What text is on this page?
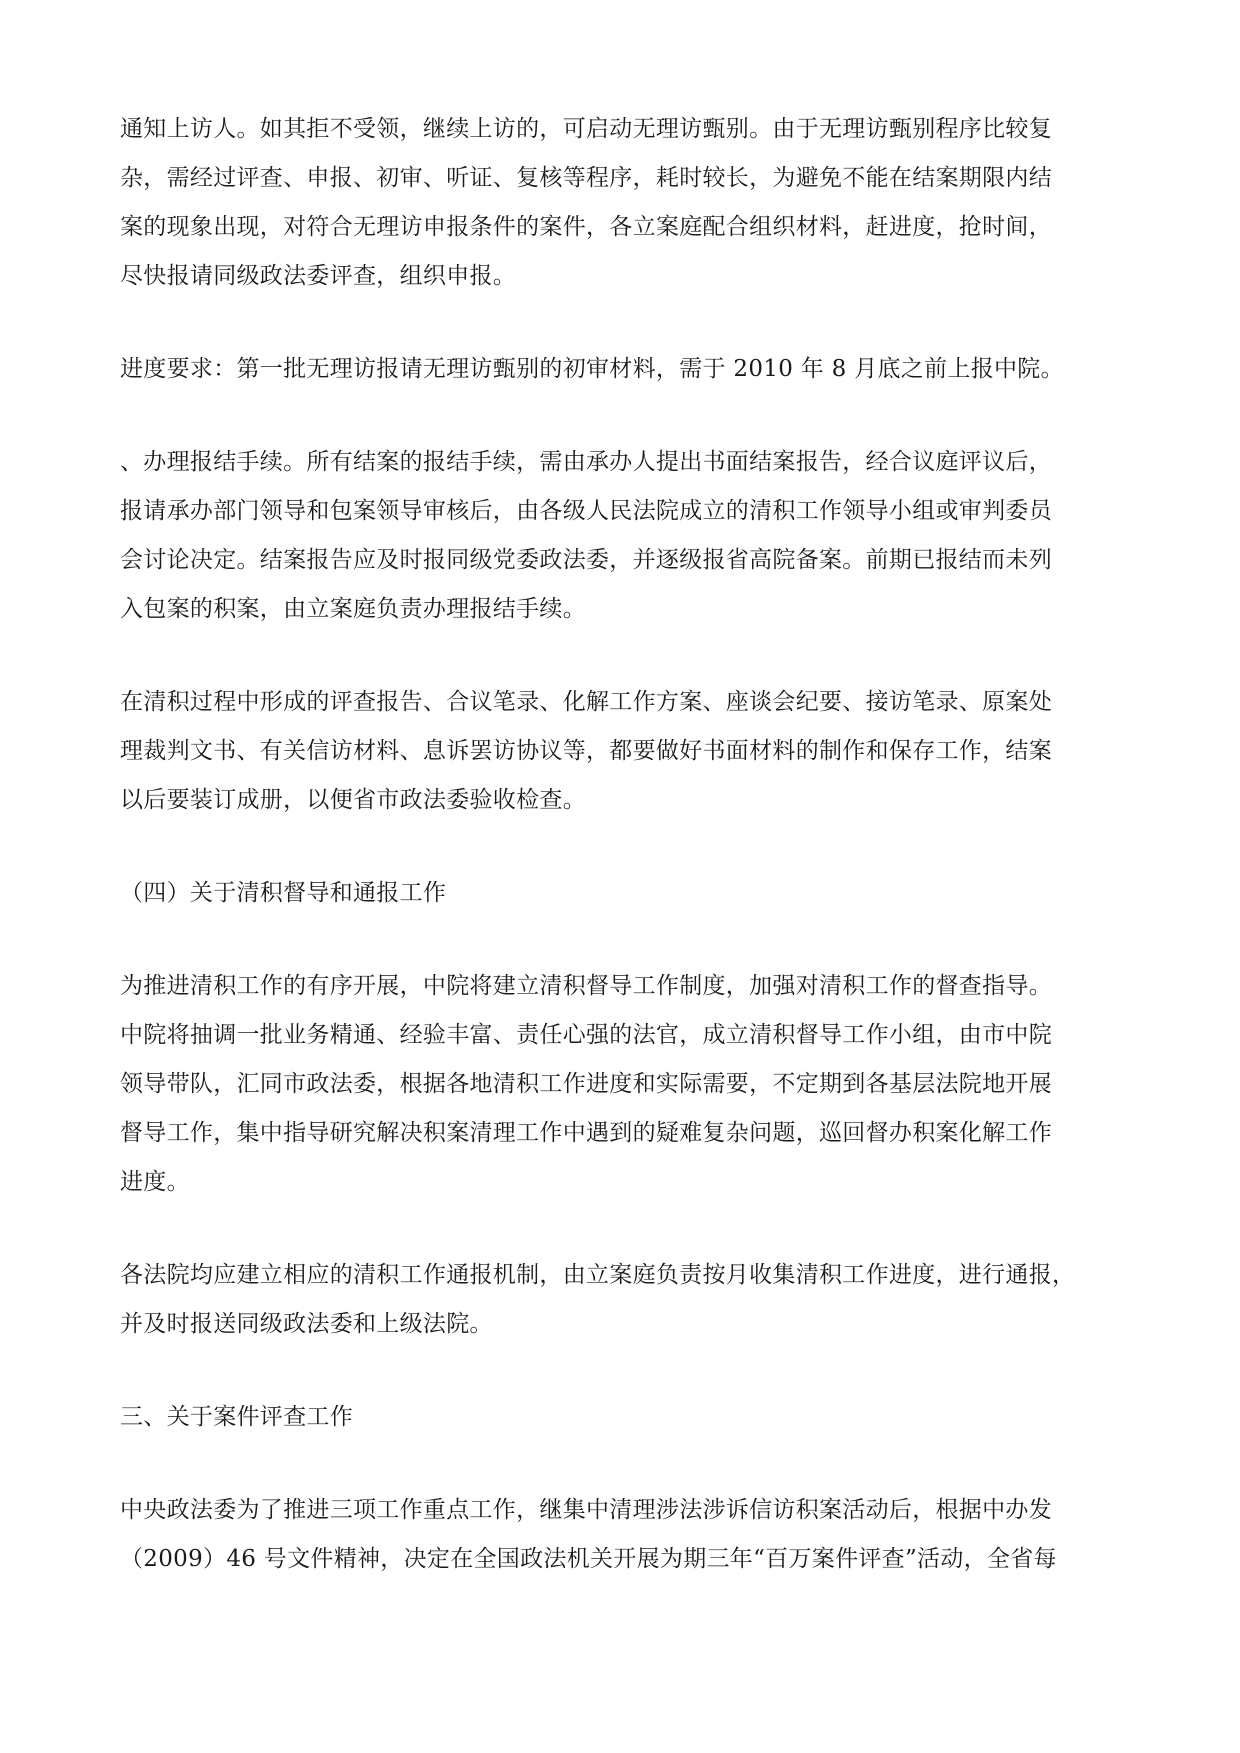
通知上访人。如其拒不受领，继续上访的，可启动无理访甄别。由于无理访甄别程序比较复
杂，需经过评查、申报、初审、听证、复核等程序，耗时较长，为避免不能在结案期限内结
案的现象出现，对符合无理访申报条件的案件，各立案庭配合组织材料，赶进度，抢时间，
尽快报请同级政法委评查，组织申报。

进度要求：第一批无理访报请无理访甄别的初审材料，需于 2010 年 8 月底之前上报中院。

、办理报结手续。所有结案的报结手续，需由承办人提出书面结案报告，经合议庭评议后，
报请承办部门领导和包案领导审核后，由各级人民法院成立的清积工作领导小组或审判委员
会讨论决定。结案报告应及时报同级党委政法委，并逐级报省高院备案。前期已报结而未列
入包案的积案，由立案庭负责办理报结手续。

在清积过程中形成的评查报告、合议笔录、化解工作方案、座谈会纪要、接访笔录、原案处
理裁判文书、有关信访材料、息诉罢访协议等，都要做好书面材料的制作和保存工作，结案
以后要装订成册，以便省市政法委验收检查。

（四）关于清积督导和通报工作

为推进清积工作的有序开展，中院将建立清积督导工作制度，加强对清积工作的督查指导。
中院将抽调一批业务精通、经验丰富、责任心强的法官，成立清积督导工作小组，由市中院
领导带队，汇同市政法委，根据各地清积工作进度和实际需要，不定期到各基层法院地开展
督导工作，集中指导研究解决积案清理工作中遇到的疑难复杂问题，巡回督办积案化解工作
进度。

各法院均应建立相应的清积工作通报机制，由立案庭负责按月收集清积工作进度，进行通报，
并及时报送同级政法委和上级法院。

三、关于案件评查工作

中央政法委为了推进三项工作重点工作，继集中清理涉法涉诉信访积案活动后，根据中办发
（2009）46 号文件精神，决定在全国政法机关开展为期三年“百万案件评查”活动，全省每
